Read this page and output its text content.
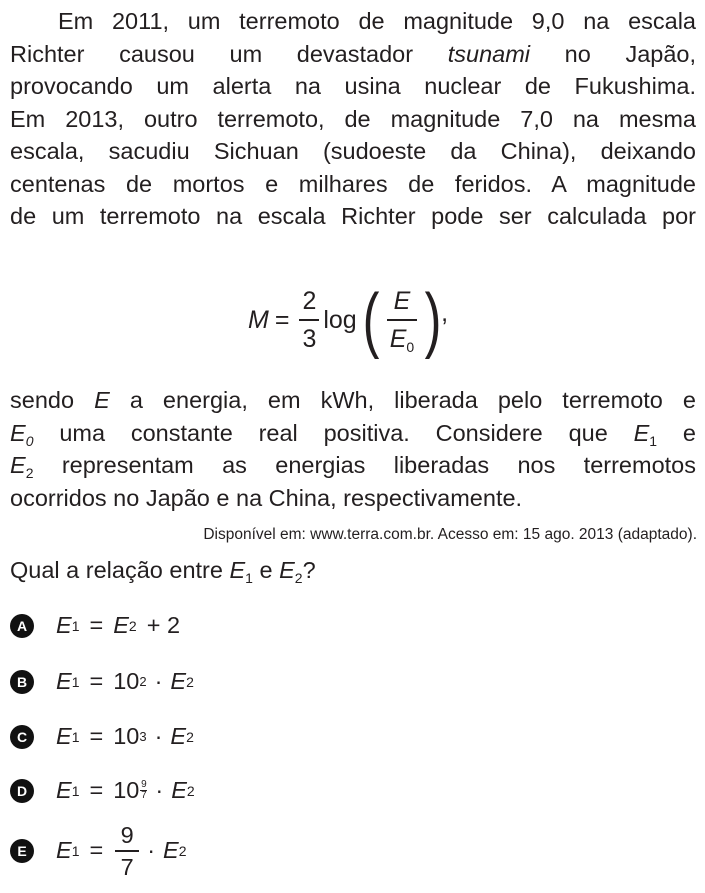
Em 2011, um terremoto de magnitude 9,0 na escala
Richter causou um devastador tsunami no Japão,
provocando um alerta na usina nuclear de Fukushima.
Em 2013, outro terremoto, de magnitude 7,0 na mesma
escala, sacudiu Sichuan (sudoeste da China), deixando
centenas de mortos e milhares de feridos. A magnitude
de um terremoto na escala Richter pode ser calculada por
$M = \frac{2}{3}$ log ( $\frac{E}{E_0}$ ) ,
sendo E a energia, em kWh, liberada pelo terremoto e
$E_0$ uma constante real positiva. Considere que $E_1$ e
$E_2$ representam as energias liberadas nos terremotos
ocorridos no Japão e na China, respectivamente.
Disponível em: www.terra.com.br. Acesso em: 15 ago. 2013 (adaptado).
Qual a relação entre $E_1$ e $E_2$?
A E 1 = E 2 + 2
B E 1 = 10 2 · E 2
C E 1 = 10 3 · E 2
D E 1 = 10 9
7 · E 2
E	E 1 =
9
7
· E 2
